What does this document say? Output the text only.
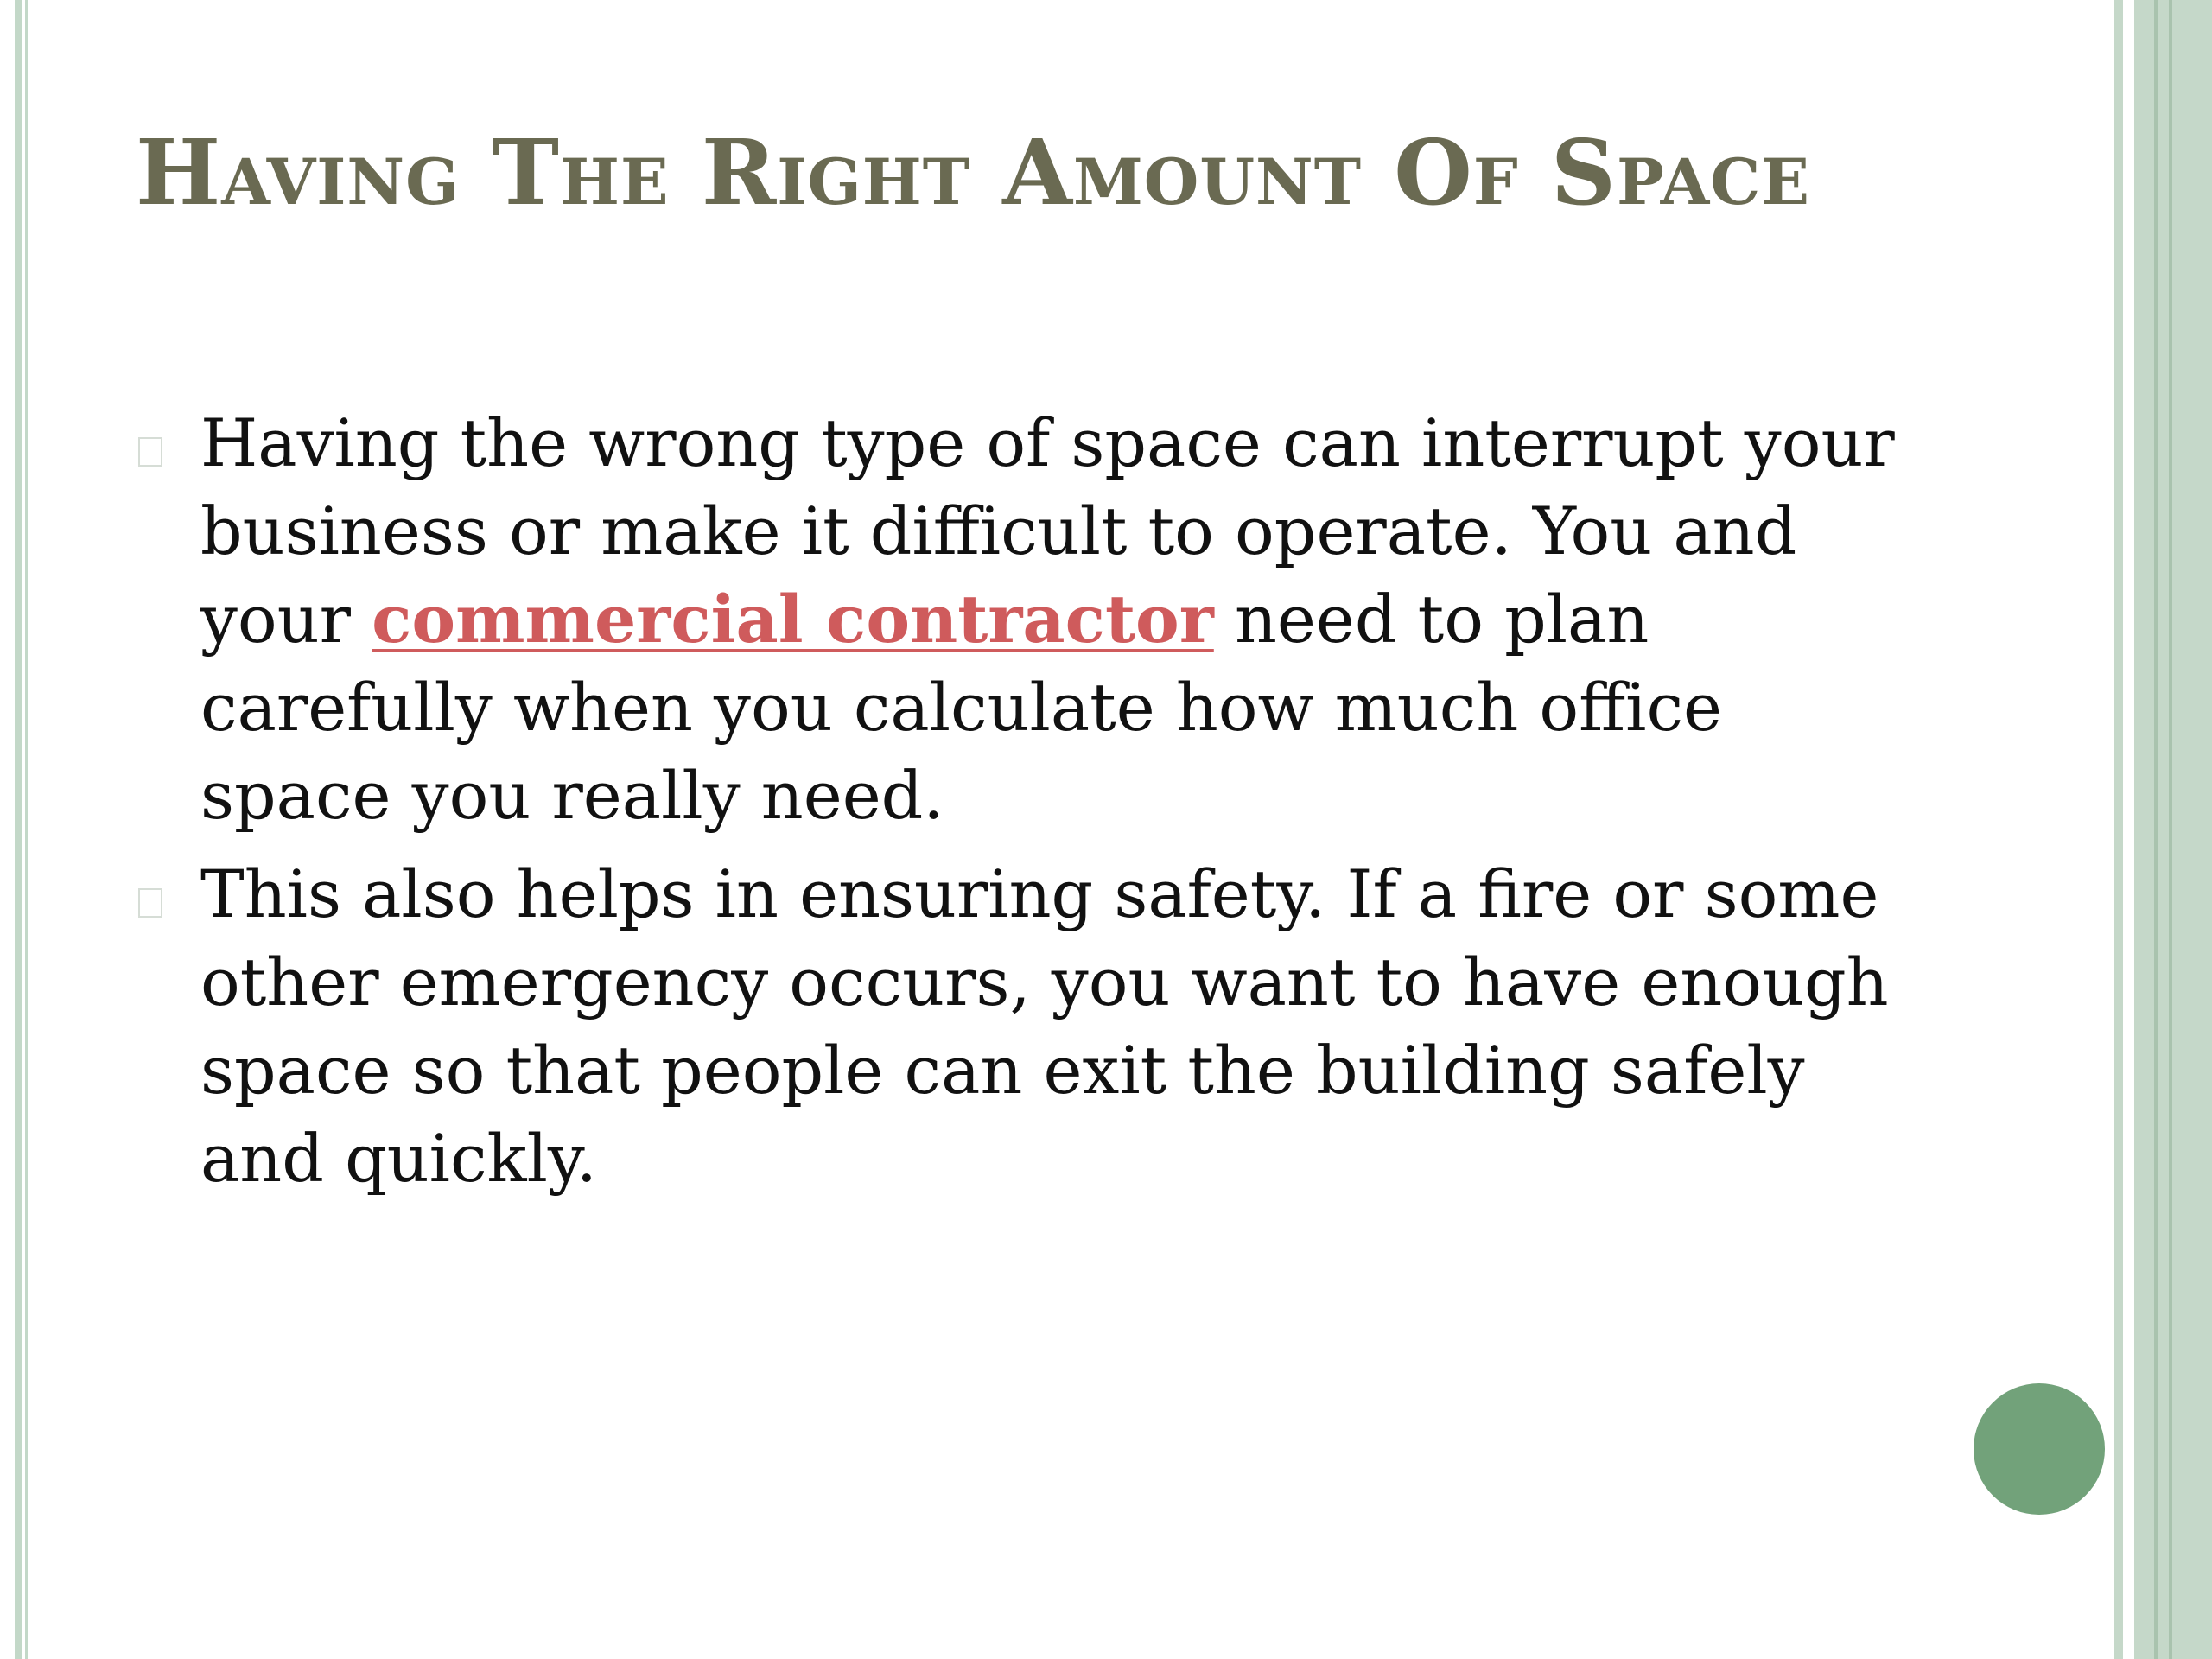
Having The Right Amount Of Space
Having the wrong type of space can interrupt your business or make it difficult to operate. You and your commercial contractor need to plan carefully when you calculate how much office space you really need.
This also helps in ensuring safety. If a fire or some other emergency occurs, you want to have enough space so that people can exit the building safely and quickly.
